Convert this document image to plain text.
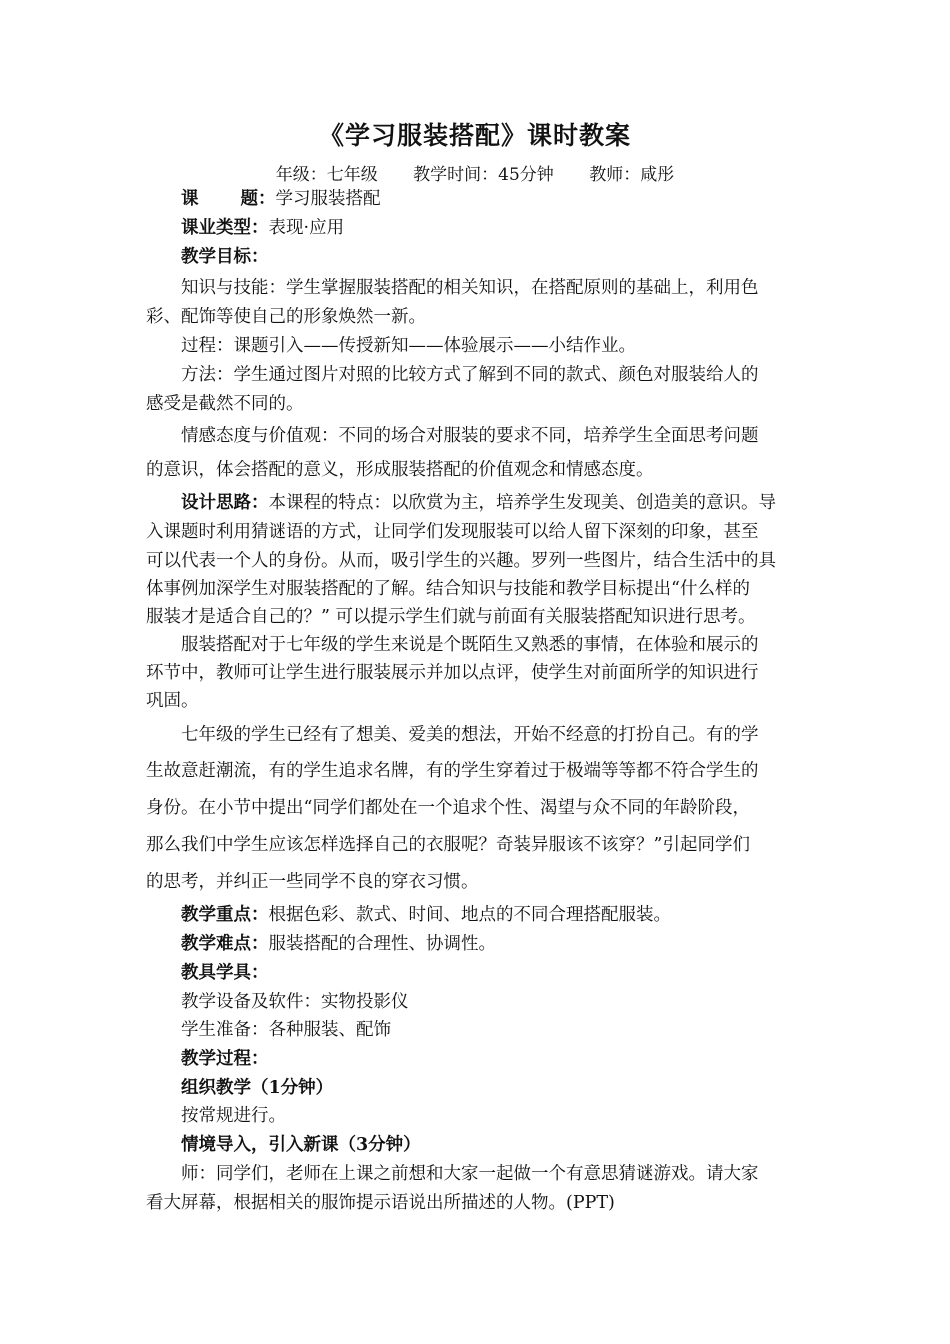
《学习服装搭配》课时教案
年级：七年级 教学时间：45分钟 教师：咸彤
课 题：学习服装搭配
课业类型：表现·应用
教学目标：
知识与技能：学生掌握服装搭配的相关知识，在搭配原则的基础上，利用色
彩、配饰等使自己的形象焕然一新。
过程：课题引入——传授新知——体验展示——小结作业。
方法：学生通过图片对照的比较方式了解到不同的款式、颜色对服装给人的
感受是截然不同的。
情感态度与价值观：不同的场合对服装的要求不同，培养学生全面思考问题
的意识，体会搭配的意义，形成服装搭配的价值观念和情感态度。
设计思路：本课程的特点：以欣赏为主，培养学生发现美、创造美的意识。导
入课题时利用猜谜语的方式，让同学们发现服装可以给人留下深刻的印象，甚至
可以代表一个人的身份。从而，吸引学生的兴趣。罗列一些图片，结合生活中的具
体事例加深学生对服装搭配的了解。结合知识与技能和教学目标提出“什么样的
服装才是适合自己的？” 可以提示学生们就与前面有关服装搭配知识进行思考。
服装搭配对于七年级的学生来说是个既陌生又熟悉的事情，在体验和展示的
环节中，教师可让学生进行服装展示并加以点评，使学生对前面所学的知识进行
巩固。
七年级的学生已经有了想美、爱美的想法，开始不经意的打扮自己。有的学
生故意赶潮流，有的学生追求名牌，有的学生穿着过于极端等等都不符合学生的
身份。在小节中提出“同学们都处在一个追求个性、渴望与众不同的年龄阶段，
那么我们中学生应该怎样选择自己的衣服呢？奇装异服该不该穿？”引起同学们
的思考，并纠正一些同学不良的穿衣习惯。
教学重点：根据色彩、款式、时间、地点的不同合理搭配服装。
教学难点：服装搭配的合理性、协调性。
教具学具：
教学设备及软件：实物投影仪
学生准备：各种服装、配饰
教学过程：
组织教学（1分钟）
按常规进行。
情境导入，引入新课（3分钟）
师：同学们，老师在上课之前想和大家一起做一个有意思猜谜游戏。请大家
看大屏幕，根据相关的服饰提示语说出所描述的人物。(PPT)
